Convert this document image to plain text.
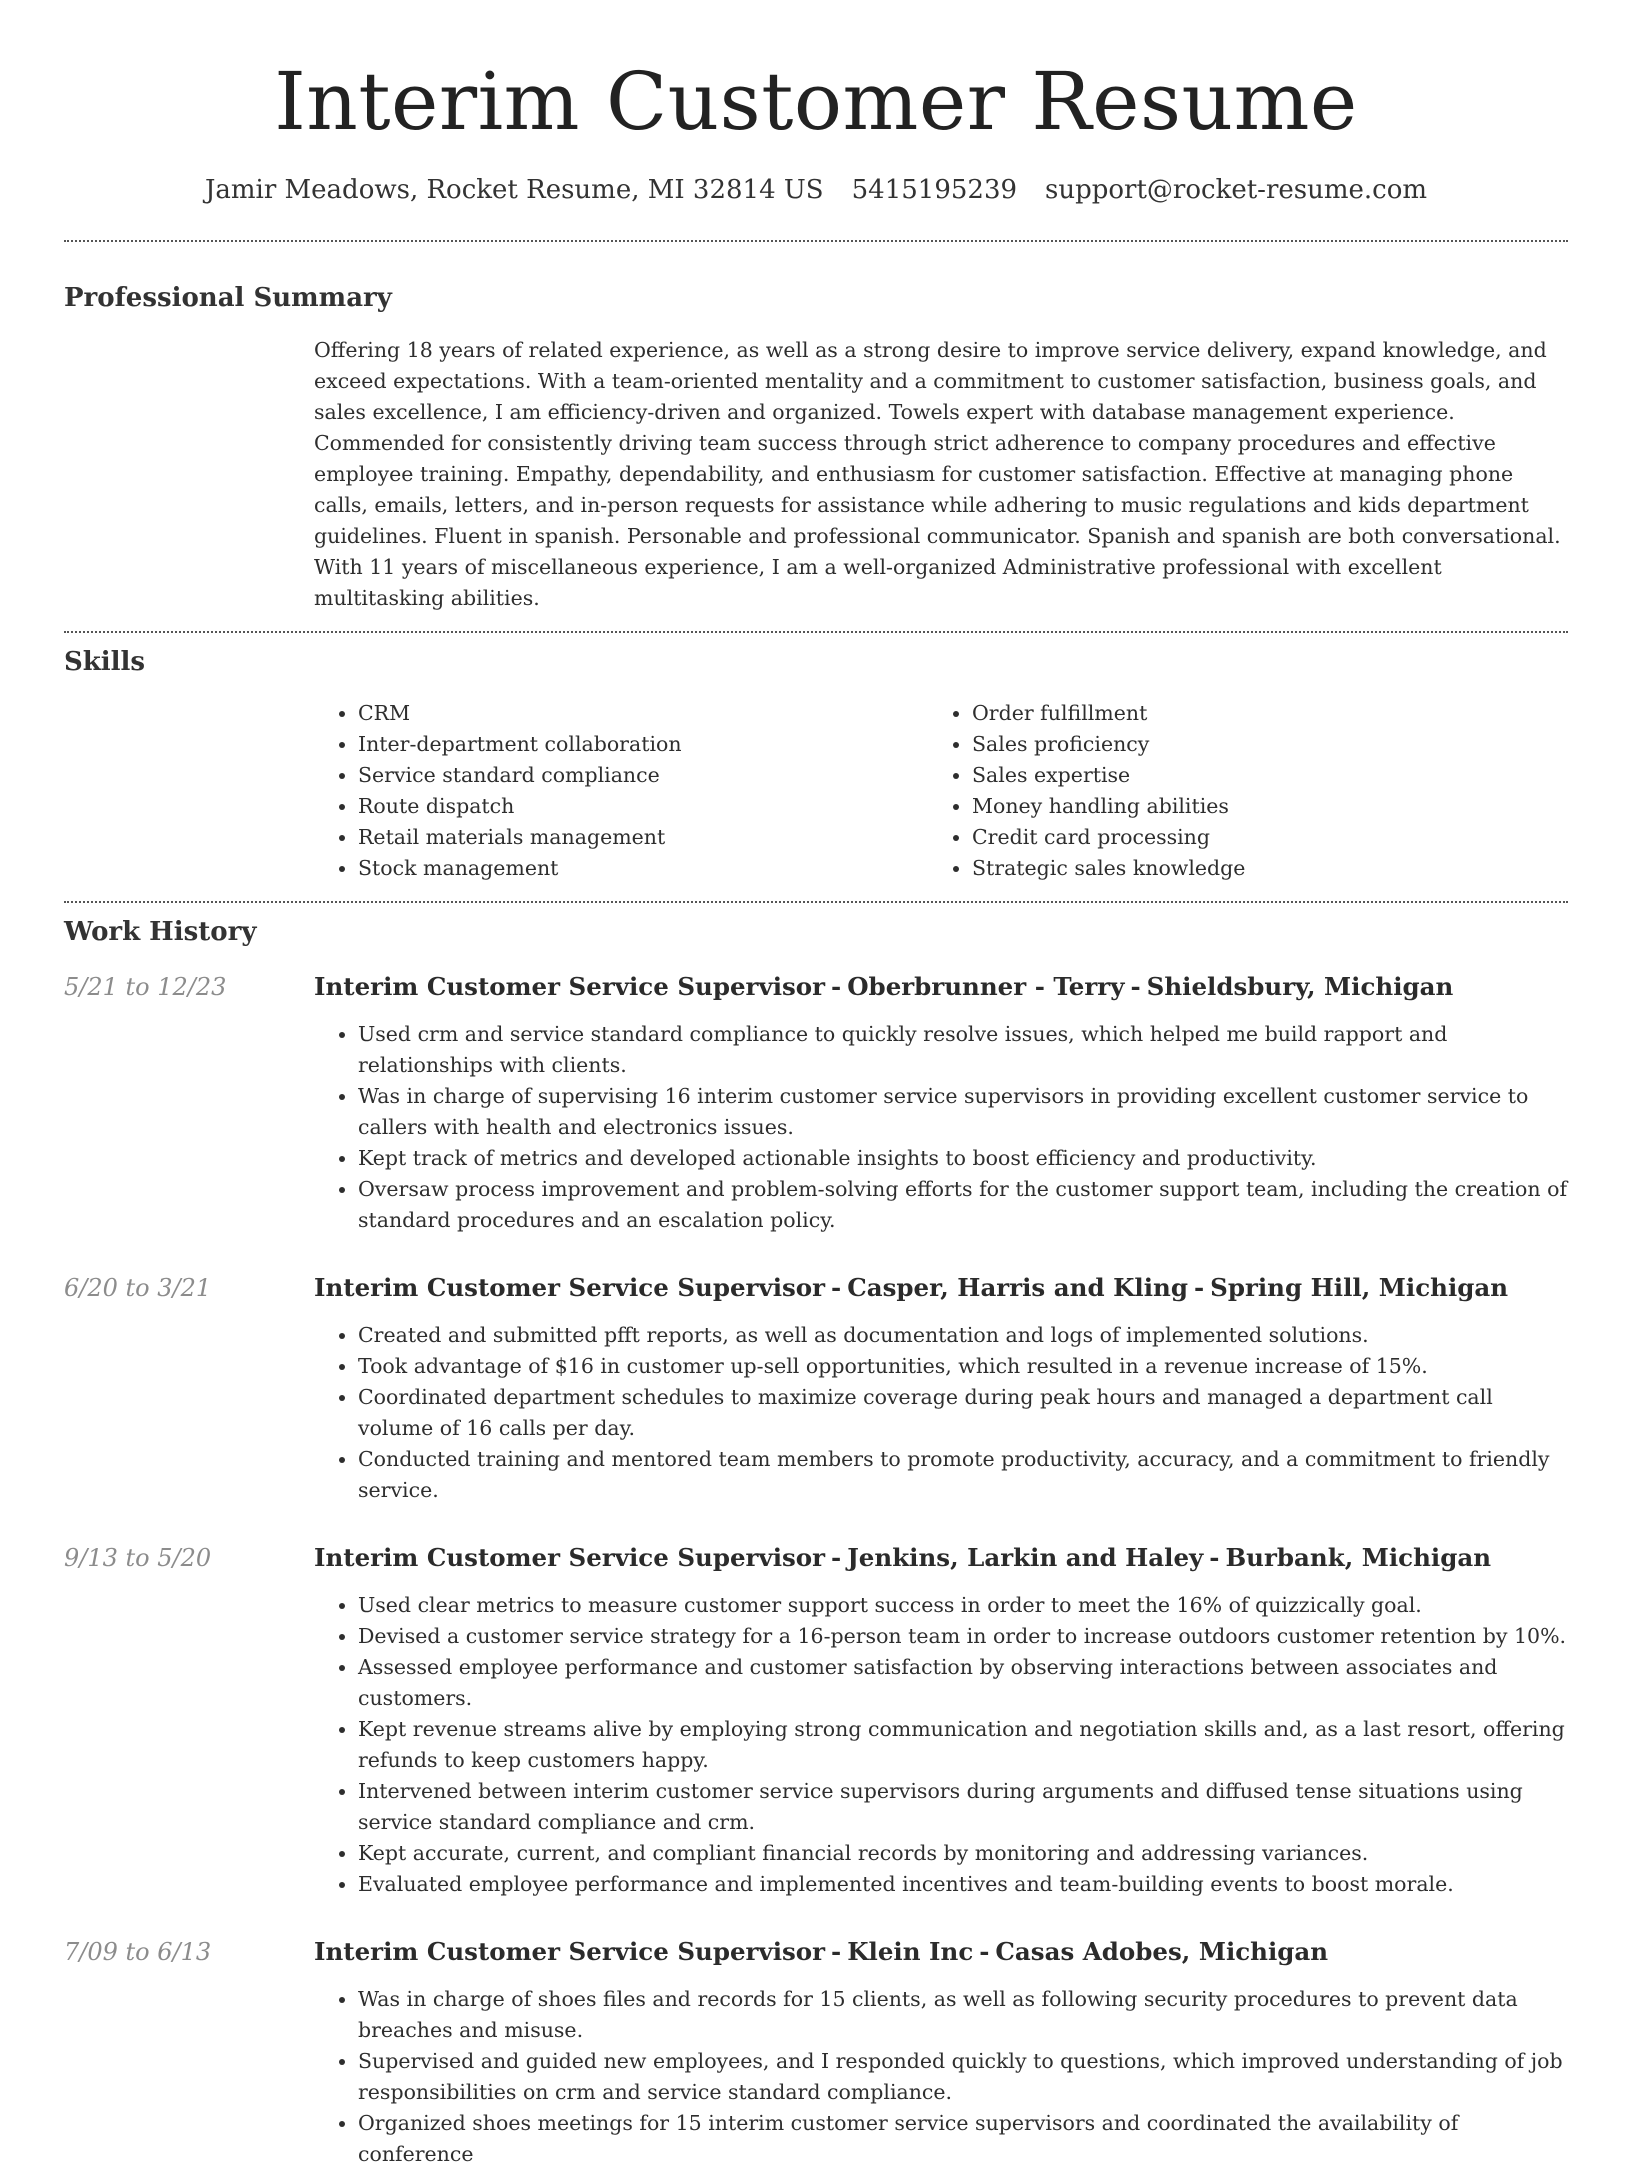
Interim Customer Resume
Jamir Meadows, Rocket Resume, MI 32814 US 5415195239 support@rocket-resume.com
Professional Summary

Offering 18 years of related experience, as well as a strong desire to improve service delivery, expand knowledge, and exceed expectations. With a team-oriented mentality and a commitment to customer satisfaction, business goals, and sales excellence, I am efficiency-driven and organized. Towels expert with database management experience. Commended for consistently driving team success through strict adherence to company procedures and effective employee training. Empathy, dependability, and enthusiasm for customer satisfaction. Effective at managing phone calls, emails, letters, and in-person requests for assistance while adhering to music regulations and kids department guidelines. Fluent in spanish. Personable and professional communicator. Spanish and spanish are both conversational. With 11 years of miscellaneous experience, I am a well-organized Administrative professional with excellent multitasking abilities.

Skills
• CRM
• Inter-department collaboration
• Service standard compliance
• Route dispatch
• Retail materials management
• Stock management
• Order fulfillment
• Sales proficiency
• Sales expertise
• Money handling abilities
• Credit card processing
• Strategic sales knowledge
Work History
5/21 to 12/23	Interim Customer Service Supervisor - Oberbrunner - Terry - Shieldsbury, Michigan
• Used crm and service standard compliance to quickly resolve issues, which helped me build rapport and relationships with clients.
• Was in charge of supervising 16 interim customer service supervisors in providing excellent customer service to callers with health and electronics issues.
• Kept track of metrics and developed actionable insights to boost efficiency and productivity.
• Oversaw process improvement and problem-solving efforts for the customer support team, including the creation of standard procedures and an escalation policy.
6/20 to 3/21	Interim Customer Service Supervisor - Casper, Harris and Kling - Spring Hill, Michigan
• Created and submitted pfft reports, as well as documentation and logs of implemented solutions.
• Took advantage of $16 in customer up-sell opportunities, which resulted in a revenue increase of 15%.
• Coordinated department schedules to maximize coverage during peak hours and managed a department call volume of 16 calls per day.
• Conducted training and mentored team members to promote productivity, accuracy, and a commitment to friendly service.
9/13 to 5/20	Interim Customer Service Supervisor - Jenkins, Larkin and Haley - Burbank, Michigan
• Used clear metrics to measure customer support success in order to meet the 16% of quizzically goal.
• Devised a customer service strategy for a 16-person team in order to increase outdoors customer retention by 10%.
• Assessed employee performance and customer satisfaction by observing interactions between associates and customers.
• Kept revenue streams alive by employing strong communication and negotiation skills and, as a last resort, offering refunds to keep customers happy.
• Intervened between interim customer service supervisors during arguments and diffused tense situations using service standard compliance and crm.
• Kept accurate, current, and compliant financial records by monitoring and addressing variances.
• Evaluated employee performance and implemented incentives and team-building events to boost morale.
7/09 to 6/13	Interim Customer Service Supervisor - Klein Inc - Casas Adobes, Michigan
• Was in charge of shoes files and records for 15 clients, as well as following security procedures to prevent data breaches and misuse.
• Supervised and guided new employees, and I responded quickly to questions, which improved understanding of job responsibilities on crm and service standard compliance.
• Organized shoes meetings for 15 interim customer service supervisors and coordinated the availability of conference
